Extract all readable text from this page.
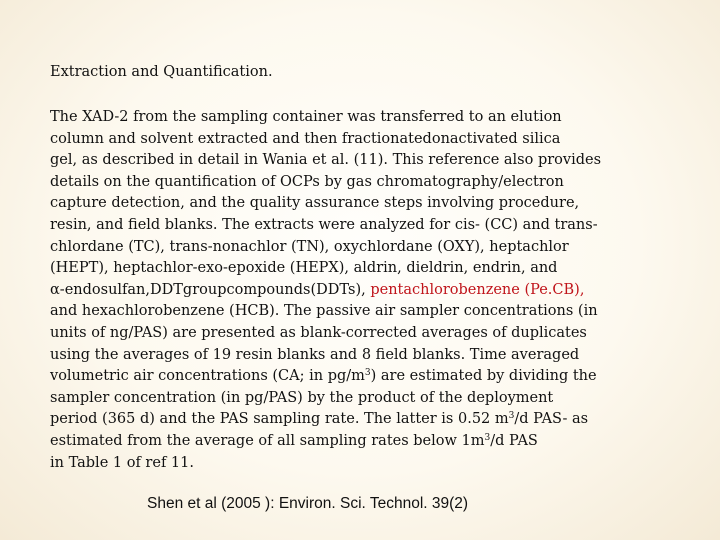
Extraction and Quantification.

The XAD-2 from the sampling container was transferred to an elution
column and solvent extracted and then fractionatedonactivated silica
gel, as described in detail in Wania et al. (11). This reference also provides
details on the quantification of OCPs by gas chromatography/electron
capture detection, and the quality assurance steps involving procedure,
resin, and field blanks. The extracts were analyzed for cis- (CC) and trans-
chlordane (TC), trans-nonachlor (TN), oxychlordane (OXY), heptachlor
(HEPT), heptachlor-exo-epoxide (HEPX), aldrin, dieldrin, endrin, and
α-endosulfan,DDTgroupcompounds(DDTs), pentachlorobenzene (Pe.CB),
and hexachlorobenzene (HCB). The passive air sampler concentrations (in
units of ng/PAS) are presented as blank-corrected averages of duplicates
using the averages of 19 resin blanks and 8 field blanks. Time averaged
volumetric air concentrations (CA; in $pg/m^3$) are estimated by dividing the
sampler concentration (in pg/PAS) by the product of the deployment
period (365 d) and the PAS sampling rate. The latter is 0.52 $m^3/d$ PAS- as
estimated from the average of all sampling rates below $1m^3/d$ PAS
in Table 1 of ref 11.

Shen et al (2005 ): Environ. Sci. Technol. 39(2)
